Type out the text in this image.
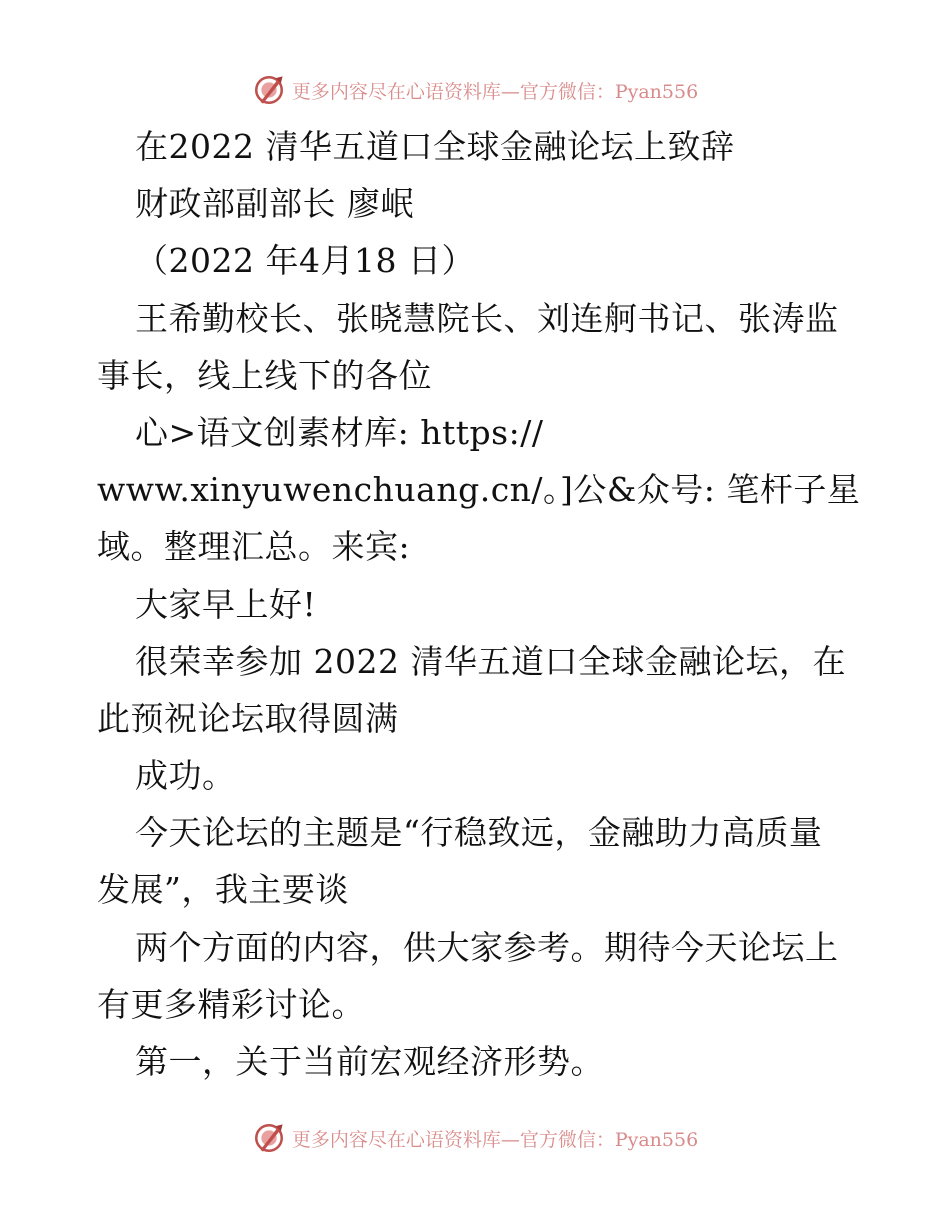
更多内容尽在心语资料库—官方微信：Pyan556
在2022 清华五道口全球金融论坛上致辞
财政部副部长 廖岷
（2022 年4月18 日）
王希勤校长、张晓慧院长、刘连舸书记、张涛监
事长，线上线下的各位
心>语文创素材库: https://
www.xinyuwenchuang.cn/。]公&众号: 笔杆子星
域。整理汇总。来宾:
大家早上好!
很荣幸参加 2022 清华五道口全球金融论坛，在
此预祝论坛取得圆满
成功。
今天论坛的主题是“行稳致远，金融助力高质量
发展”，我主要谈
两个方面的内容，供大家参考。期待今天论坛上
有更多精彩讨论。
第一，关于当前宏观经济形势。
更多内容尽在心语资料库—官方微信：Pyan556
